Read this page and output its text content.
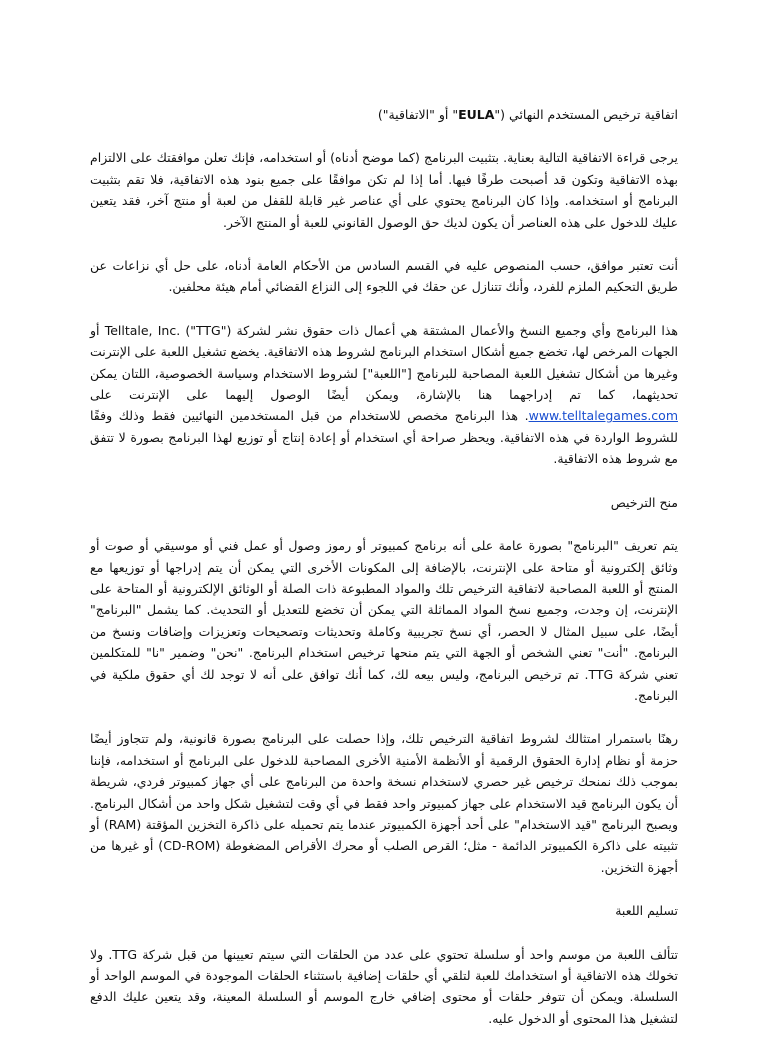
اتفاقية ترخيص المستخدم النهائي ("EULA" أو "الاتفاقية")

يرجى قراءة الاتفاقية التالية بعناية. بتثبيت البرنامج (كما موضح أدناه) أو استخدامه، فإنك تعلن موافقتك على الالتزام بهذه الاتفاقية وتكون قد أصبحت طرفًا فيها. أما إذا لم تكن موافقًا على جميع بنود هذه الاتفاقية، فلا تقم بتثبيت البرنامج أو استخدامه. وإذا كان البرنامج يحتوي على أي عناصر غير قابلة للقفل من لعبة أو منتج آخر، فقد يتعين عليك للدخول على هذه العناصر أن يكون لديك حق الوصول القانوني للعبة أو المنتج الآخر.

أنت تعتبر موافق، حسب المنصوص عليه في القسم السادس من الأحكام العامة أدناه، على حل أي نزاعات عن طريق التحكيم الملزم للفرد، وأنك تتنازل عن حقك في اللجوء إلى النزاع القضائي أمام هيئة محلفين.

هذا البرنامج وأي وجميع النسخ والأعمال المشتقة هي أعمال ذات حقوق نشر لشركة Telltale, Inc. ("TTG") أو الجهات المرخص لها، تخضع جميع أشكال استخدام البرنامج لشروط هذه الاتفاقية. يخضع تشغيل اللعبة على الإنترنت وغيرها من أشكال تشغيل اللعبة المصاحبة للبرنامج ["اللعبة"] لشروط الاستخدام وسياسة الخصوصية، اللتان يمكن تحديثهما، كما تم إدراجهما هنا بالإشارة، ويمكن أيضًا الوصول إليهما على الإنترنت على www.telltalegames.com. هذا البرنامج مخصص للاستخدام من قبل المستخدمين النهائيين فقط وذلك وفقًا للشروط الواردة في هذه الاتفاقية. ويحظر صراحة أي استخدام أو إعادة إنتاج أو توزيع لهذا البرنامج بصورة لا تتفق مع شروط هذه الاتفاقية.

منح الترخيص

يتم تعريف "البرنامج" بصورة عامة على أنه برنامج كمبيوتر أو رموز وصول أو عمل فني أو موسيقي أو صوت أو وثائق إلكترونية أو متاحة على الإنترنت، بالإضافة إلى المكونات الأخرى التي يمكن أن يتم إدراجها أو توزيعها مع المنتج أو اللعبة المصاحبة لاتفاقية الترخيص تلك والمواد المطبوعة ذات الصلة أو الوثائق الإلكترونية أو المتاحة على الإنترنت، إن وجدت، وجميع نسخ المواد المماثلة التي يمكن أن تخضع للتعديل أو التحديث. كما يشمل "البرنامج" أيضًا، على سبيل المثال لا الحصر، أي نسخ تجريبية وكاملة وتحديثات وتصحيحات وتعزيزات وإضافات ونسخ من البرنامج. "أنت" تعني الشخص أو الجهة التي يتم منحها ترخيص استخدام البرنامج. "نحن" وضمير "نا" للمتكلمين تعني شركة TTG. تم ترخيص البرنامج، وليس بيعه لك، كما أنك توافق على أنه لا توجد لك أي حقوق ملكية في البرنامج.

رهنًا باستمرار امتثالك لشروط اتفاقية الترخيص تلك، وإذا حصلت على البرنامج بصورة قانونية، ولم تتجاوز أيضًا حزمة أو نظام إدارة الحقوق الرقمية أو الأنظمة الأمنية الأخرى المصاحبة للدخول على البرنامج أو استخدامه، فإننا بموجب ذلك نمنحك ترخيص غير حصري لاستخدام نسخة واحدة من البرنامج على أي جهاز كمبيوتر فردي، شريطة أن يكون البرنامج قيد الاستخدام على جهاز كمبيوتر واحد فقط في أي وقت لتشغيل شكل واحد من أشكال البرنامج. ويصبح البرنامج "قيد الاستخدام" على أحد أجهزة الكمبيوتر عندما يتم تحميله على ذاكرة التخزين المؤقتة (RAM) أو تثبيته على ذاكرة الكمبيوتر الدائمة - مثل؛ القرص الصلب أو محرك الأقراص المضغوطة (CD-ROM) أو غيرها من أجهزة التخزين.

تسليم اللعبة

تتألف اللعبة من موسم واحد أو سلسلة تحتوي على عدد من الحلقات التي سيتم تعيينها من قبل شركة TTG. ولا تخولك هذه الاتفاقية أو استخدامك للعبة لتلقي أي حلقات إضافية باستثناء الحلقات الموجودة في الموسم الواحد أو السلسلة. ويمكن أن تتوفر حلقات أو محتوى إضافي خارج الموسم أو السلسلة المعينة، وقد يتعين عليك الدفع لتشغيل هذا المحتوى أو الدخول عليه.
